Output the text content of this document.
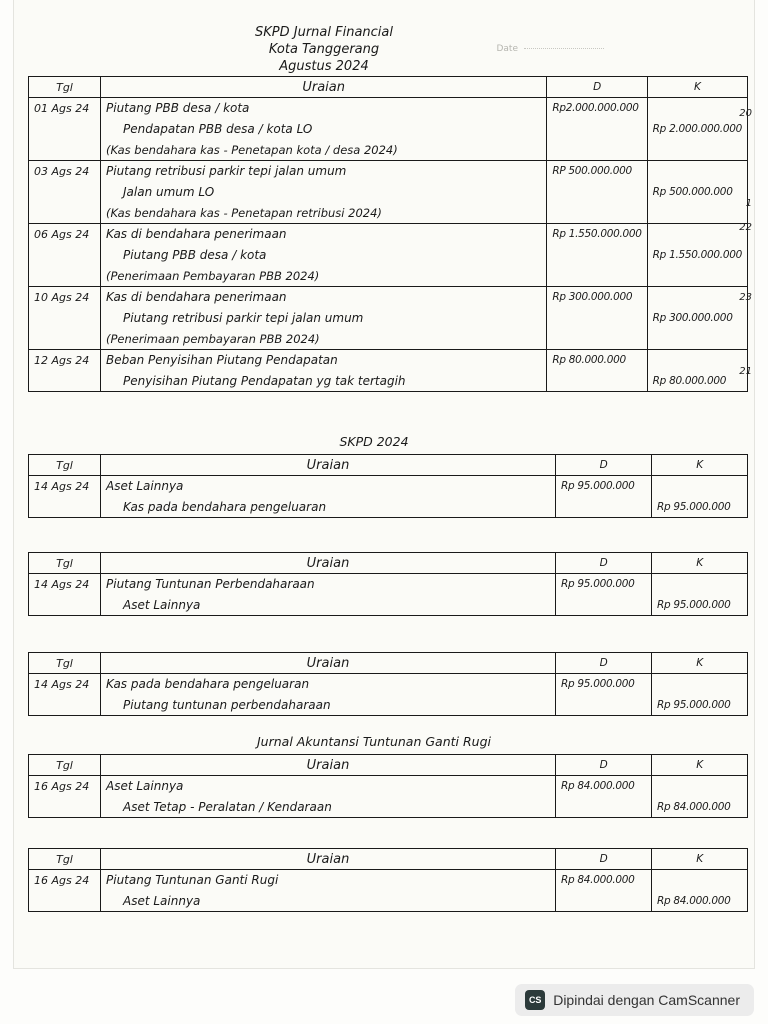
SKPD Jurnal Financial
Kota Tanggerang
Agustus 2024
Date
Tgl	Uraian	D	K
01 Ags 24	Piutang PBB desa / kota	Rp2.000.000.000	
	Pendapatan PBB desa / kota LO		Rp 2.000.000.000
	(Kas bendahara kas - Penetapan kota / desa 2024)		
03 Ags 24	Piutang retribusi parkir tepi jalan umum	RP 500.000.000	
	Jalan umum LO		Rp 500.000.000
	(Kas bendahara kas - Penetapan retribusi 2024)		
06 Ags 24	Kas di bendahara penerimaan	Rp 1.550.000.000	
	Piutang PBB desa / kota		Rp 1.550.000.000
	(Penerimaan Pembayaran PBB 2024)		
10 Ags 24	Kas di bendahara penerimaan	Rp 300.000.000	
	Piutang retribusi parkir tepi jalan umum		Rp 300.000.000
	(Penerimaan pembayaran PBB 2024)		
12 Ags 24	Beban Penyisihan Piutang Pendapatan	Rp 80.000.000	
	Penyisihan Piutang Pendapatan yg tak tertagih		Rp 80.000.000
20
1
22
23
21
SKPD 2024
Tgl	Uraian	D	K
14 Ags 24	Aset Lainnya	Rp 95.000.000	
	Kas pada bendahara pengeluaran		Rp 95.000.000
Tgl	Uraian	D	K
14 Ags 24	Piutang Tuntunan Perbendaharaan	Rp 95.000.000	
	Aset Lainnya		Rp 95.000.000
Tgl	Uraian	D	K
14 Ags 24	Kas pada bendahara pengeluaran	Rp 95.000.000	
	Piutang tuntunan perbendaharaan		Rp 95.000.000
Jurnal Akuntansi Tuntunan Ganti Rugi
Tgl	Uraian	D	K
16 Ags 24	Aset Lainnya	Rp 84.000.000	
	Aset Tetap - Peralatan / Kendaraan		Rp 84.000.000
Tgl	Uraian	D	K
16 Ags 24	Piutang Tuntunan Ganti Rugi	Rp 84.000.000	
	Aset Lainnya		Rp 84.000.000
CS Dipindai dengan CamScanner
